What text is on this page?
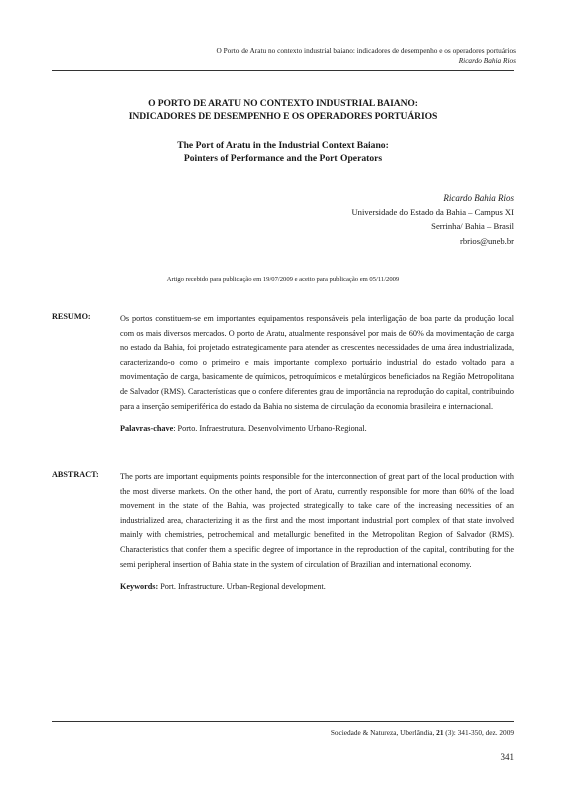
O Porto de Aratu no contexto industrial baiano: indicadores de desempenho e os operadores portuários
Ricardo Bahia Rios
O PORTO DE ARATU NO CONTEXTO INDUSTRIAL BAIANO:
INDICADORES DE DESEMPENHO E OS OPERADORES PORTUÁRIOS
The Port of Aratu in the Industrial Context Baiano:
Pointers of Performance and the Port Operators
Ricardo Bahia Rios
Universidade do Estado da Bahia – Campus XI
Serrinha/ Bahia – Brasil
rbrios@uneb.br
Artigo recebido para publicação em 19/07/2009 e aceito para publicação em 05/11/2009
RESUMO:	Os portos constituem-se em importantes equipamentos responsáveis pela interligação de boa parte da produção local com os mais diversos mercados. O porto de Aratu, atualmente responsável por mais de 60% da movimentação de carga no estado da Bahia, foi projetado estrategicamente para atender as crescentes necessidades de uma área industrializada, caracterizando-o como o primeiro e mais importante complexo portuário industrial do estado voltado para a movimentação de carga, basicamente de químicos, petroquímicos e metalúrgicos beneficiados na Região Metropolitana de Salvador (RMS). Características que o confere diferentes grau de importância na reprodução do capital, contribuindo para a inserção semiperiférica do estado da Bahia no sistema de circulação da economia brasileira e internacional.
Palavras-chave: Porto. Infraestrutura. Desenvolvimento Urbano-Regional.
ABSTRACT:	The ports are important equipments points responsible for the interconnection of great part of the local production with the most diverse markets. On the other hand, the port of Aratu, currently responsible for more than 60% of the load movement in the state of the Bahia, was projected strategically to take care of the increasing necessities of an industrialized area, characterizing it as the first and the most important industrial port complex of that state involved mainly with chemistries, petrochemical and metallurgic benefited in the Metropolitan Region of Salvador (RMS). Characteristics that confer them a specific degree of importance in the reproduction of the capital, contributing for the semi peripheral insertion of Bahia state in the system of circulation of Brazilian and international economy.
Keywords: Port. Infrastructure. Urban-Regional development.
Sociedade & Natureza, Uberlândia, 21 (3): 341-350, dez. 2009
341
